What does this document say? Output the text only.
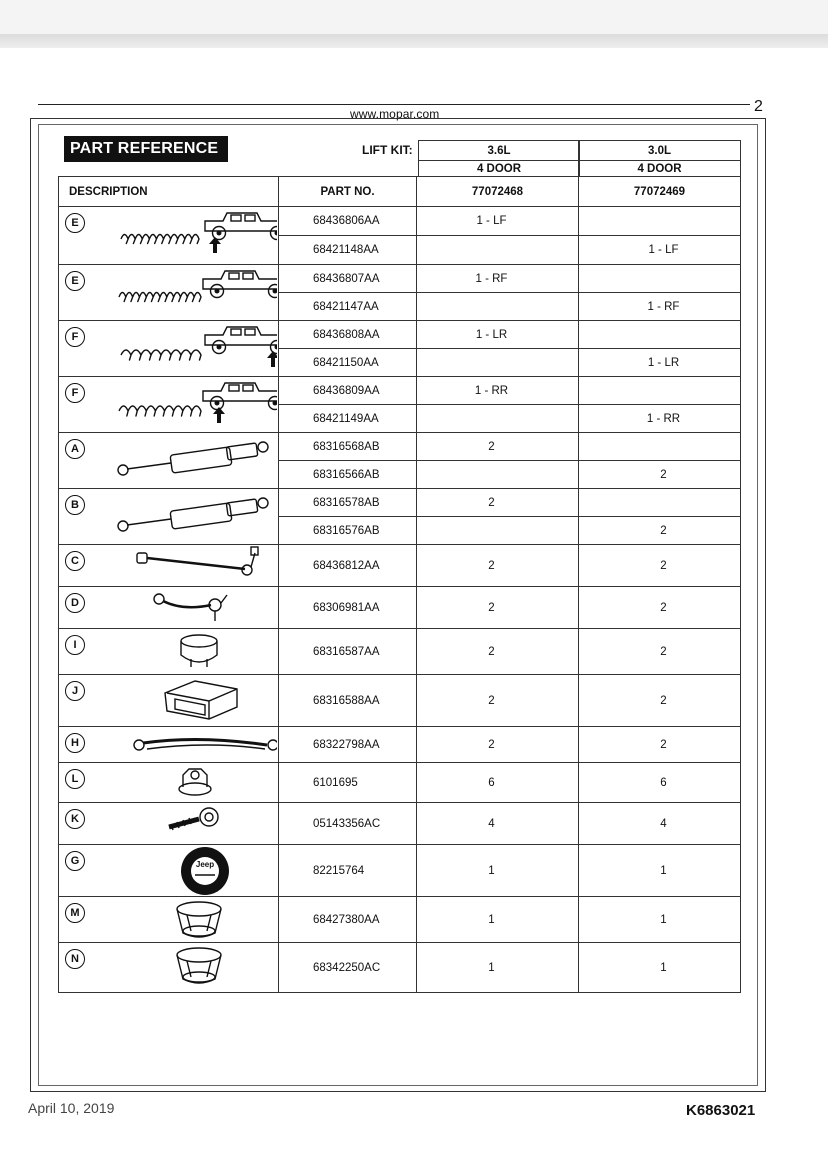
www.mopar.com	2
PART REFERENCE	LIFT KIT:	3.6L	3.0L
4 DOOR	4 DOOR
DESCRIPTION	PART NO.	77072468	77072469

E	68436806AA	1 - LF	
	68421148AA		1 - LF

E	68436807AA	1 - RF	
	68421147AA		1 - RF

F	68436808AA	1 - LR	
	68421150AA		1 - LR

F	68436809AA	1 - RR	
	68421149AA		1 - RR

A	68316568AB	2	
	68316566AB		2

B	68316578AB	2	
	68316576AB		2

C	68436812AA	2	2

D	68306981AA	2	2

I	68316587AA	2	2

J	68316588AA	2	2

H	68322798AA	2	2

L	6101695	6	6

K	05143356AC	4	4

G Jeep	82215764	1	1

M	68427380AA	1	1

N	68342250AC	1	1
April 10, 2019	K6863021
